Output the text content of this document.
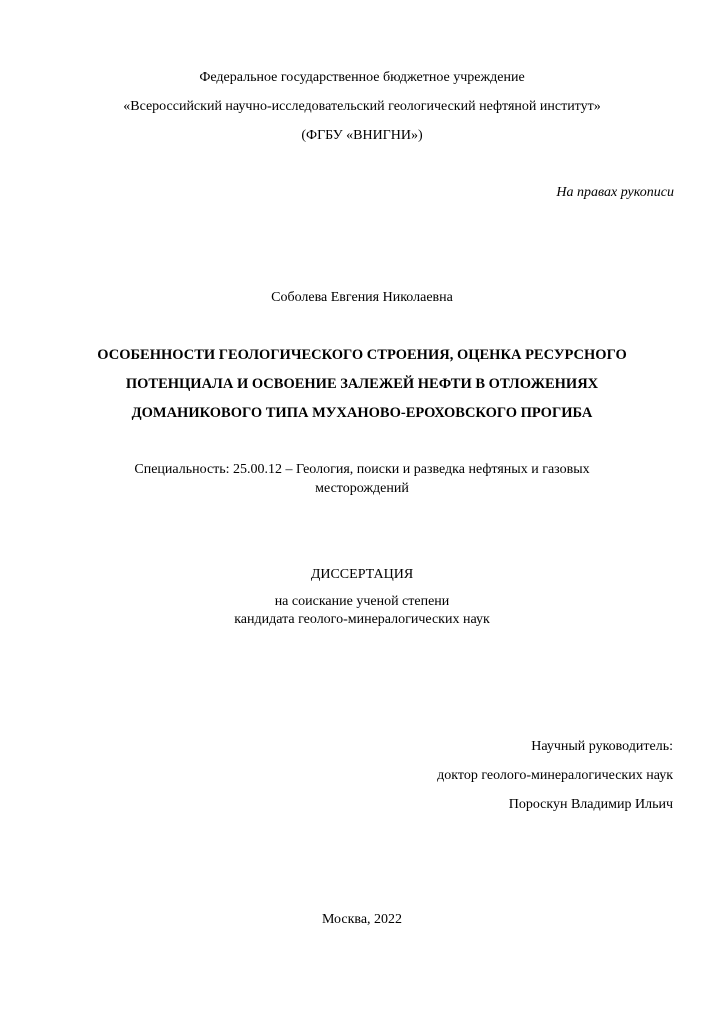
Федеральное государственное бюджетное учреждение
«Всероссийский научно-исследовательский геологический нефтяной институт»
(ФГБУ «ВНИГНИ»)
На правах рукописи
Соболева Евгения Николаевна
ОСОБЕННОСТИ ГЕОЛОГИЧЕСКОГО СТРОЕНИЯ, ОЦЕНКА РЕСУРСНОГО
ПОТЕНЦИАЛА И ОСВОЕНИЕ ЗАЛЕЖЕЙ НЕФТИ В ОТЛОЖЕНИЯХ
ДОМАНИКОВОГО ТИПА МУХАНОВО-ЕРОХОВСКОГО ПРОГИБА
Специальность: 25.00.12 – Геология, поиски и разведка нефтяных и газовых
месторождений
ДИССЕРТАЦИЯ
на соискание ученой степени
кандидата геолого-минералогических наук
Научный руководитель:
доктор геолого-минералогических наук
Пороскун Владимир Ильич
Москва, 2022
